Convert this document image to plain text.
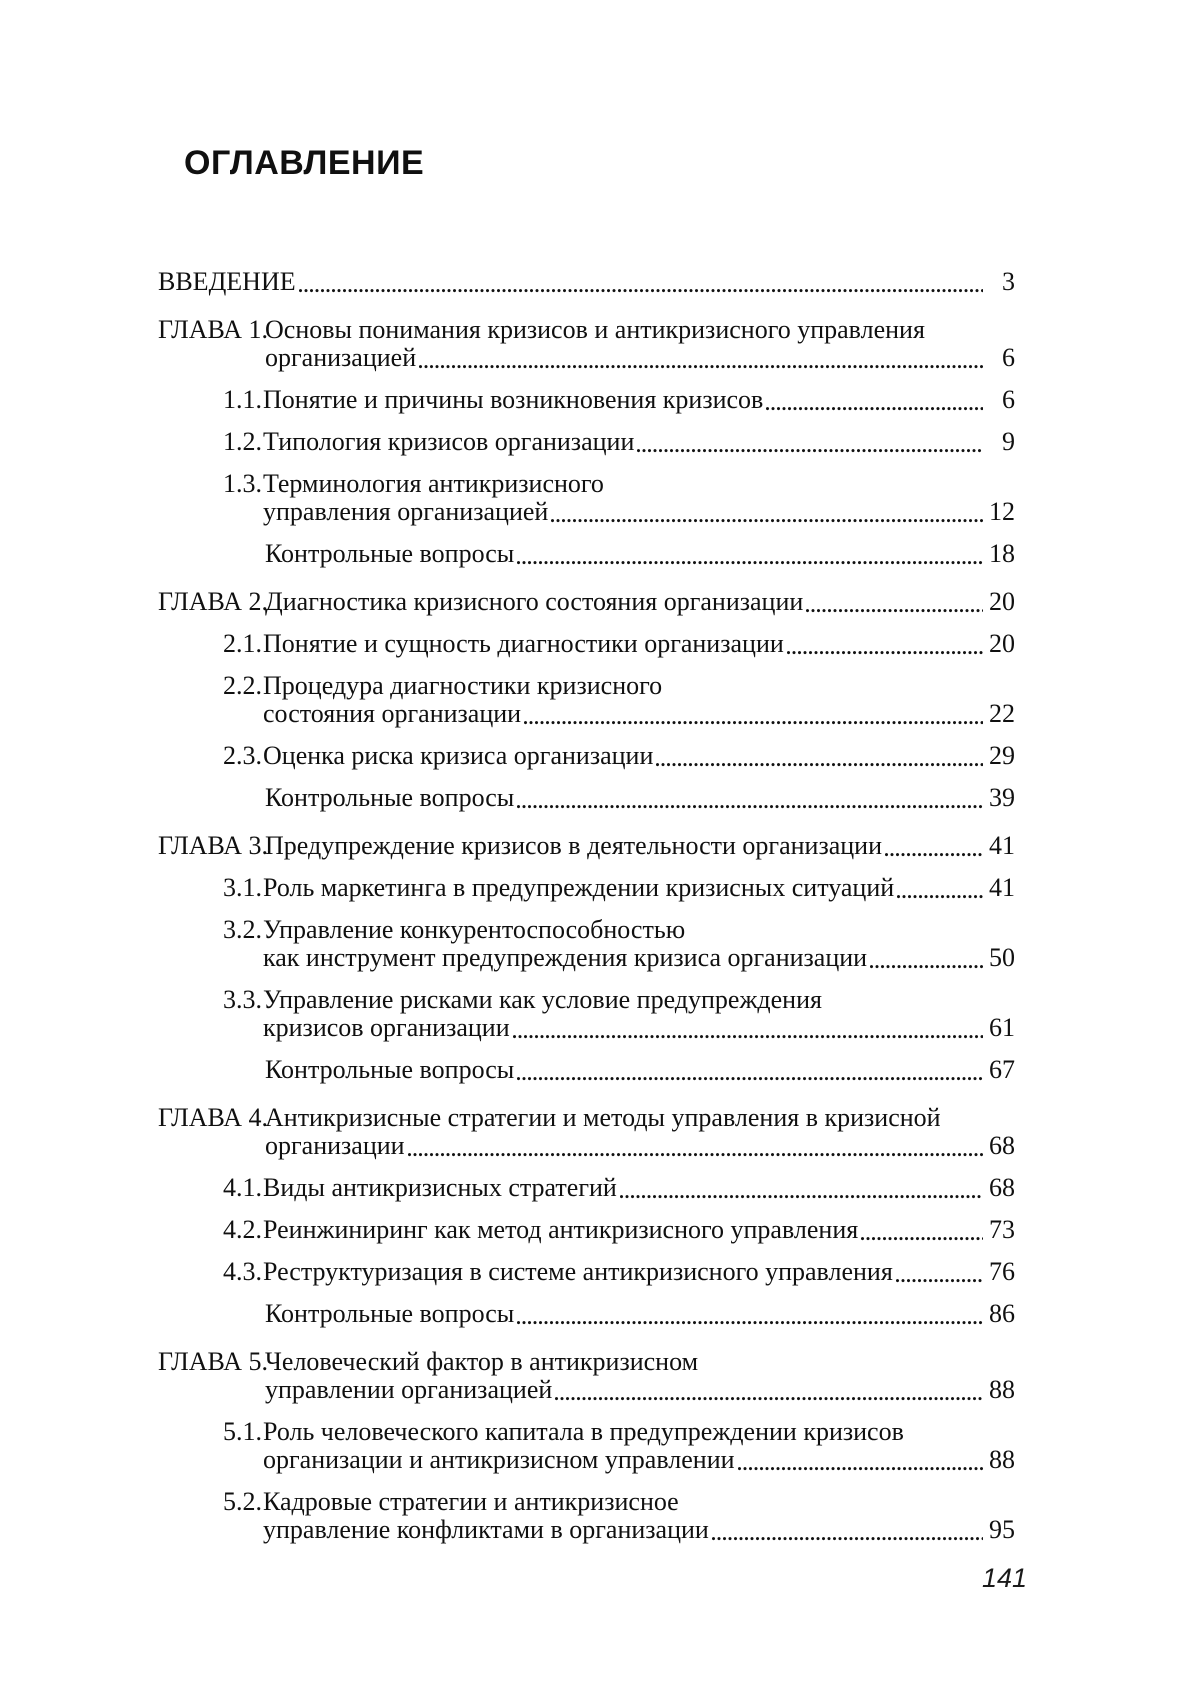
ОГЛАВЛЕНИЕ
ВВЕДЕНИЕ	3
ГЛАВА 1.
Основы понимания кризисов и антикризисного управления
организацией	6
1.1. Понятие и причины возникновения кризисов	6
1.2. Типология кризисов организации	9
1.3. Терминология антикризисного
управления организацией	12
Контрольные вопросы	18
ГЛАВА 2.
Диагностика кризисного состояния организации	20
2.1. Понятие и сущность диагностики организации	20
2.2. Процедура диагностики кризисного
состояния организации	22
2.3. Оценка риска кризиса организации	29
Контрольные вопросы	39
ГЛАВА 3.
Предупреждение кризисов в деятельности организации	41
3.1. Роль маркетинга в предупреждении кризисных ситуаций	41
3.2. Управление конкурентоспособностью
как инструмент предупреждения кризиса организации	50
3.3. Управление рисками как условие предупреждения
кризисов организации	61
Контрольные вопросы	67
ГЛАВА 4.
Антикризисные стратегии и методы управления в кризисной
организации	68
4.1. Виды антикризисных стратегий	68
4.2. Реинжиниринг как метод антикризисного управления	73
4.3. Реструктуризация в системе антикризисного управления	76
Контрольные вопросы	86
ГЛАВА 5.
Человеческий фактор в антикризисном
управлении организацией	88
5.1. Роль человеческого капитала в предупреждении кризисов
организации и антикризисном управлении	88
5.2. Кадровые стратегии и антикризисное
управление конфликтами в организации	95
141
